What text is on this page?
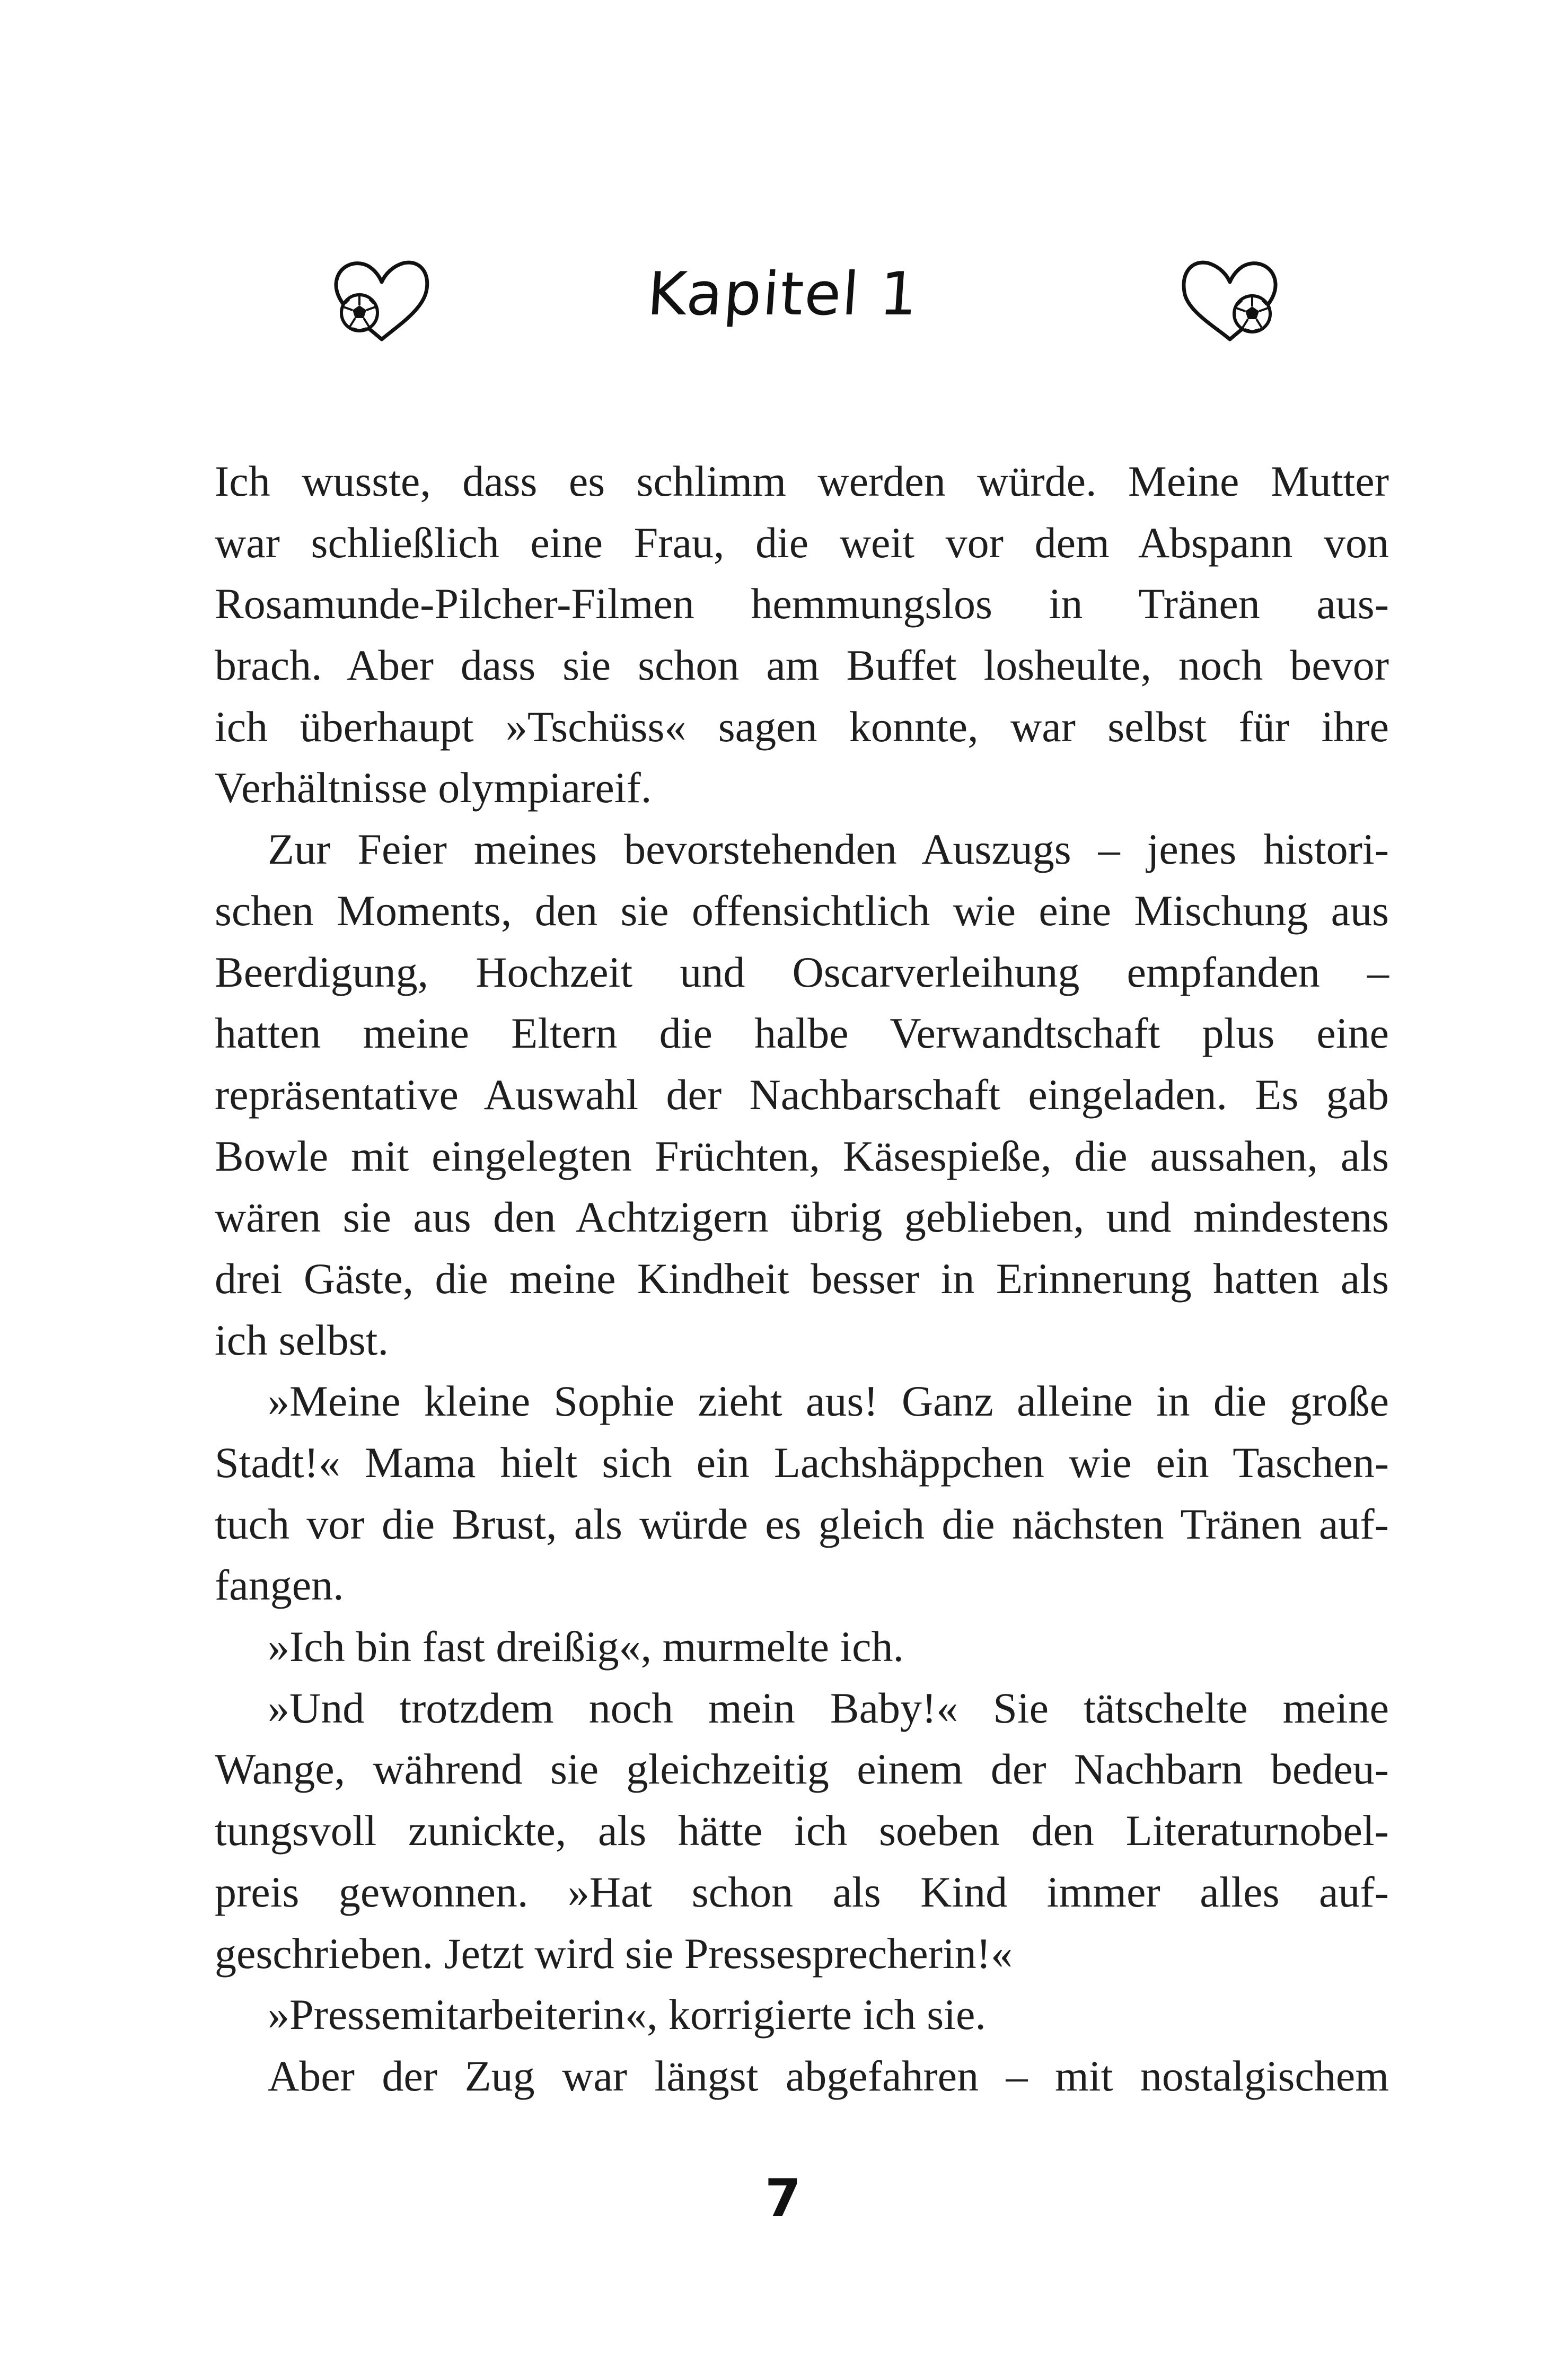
Kapitel 1
Ich wusste, dass es schlimm werden würde. Meine Mutter
war schließlich eine Frau, die weit vor dem Abspann von
Rosamunde-Pilcher-Filmen hemmungslos in Tränen aus-
brach. Aber dass sie schon am Buffet losheulte, noch bevor
ich überhaupt »Tschüss« sagen konnte, war selbst für ihre
Verhältnisse olympiareif.
Zur Feier meines bevorstehenden Auszugs – jenes histori-
schen Moments, den sie offensichtlich wie eine Mischung aus
Beerdigung, Hochzeit und Oscarverleihung empfanden –
hatten meine Eltern die halbe Verwandtschaft plus eine
repräsentative Auswahl der Nachbarschaft eingeladen. Es gab
Bowle mit eingelegten Früchten, Käsespieße, die aussahen, als
wären sie aus den Achtzigern übrig geblieben, und mindestens
drei Gäste, die meine Kindheit besser in Erinnerung hatten als
ich selbst.
»Meine kleine Sophie zieht aus! Ganz alleine in die große
Stadt!« Mama hielt sich ein Lachshäppchen wie ein Taschen-
tuch vor die Brust, als würde es gleich die nächsten Tränen auf-
fangen.
»Ich bin fast dreißig«, murmelte ich.
»Und trotzdem noch mein Baby!« Sie tätschelte meine
Wange, während sie gleichzeitig einem der Nachbarn bedeu-
tungsvoll zunickte, als hätte ich soeben den Literaturnobel-
preis gewonnen. »Hat schon als Kind immer alles auf-
geschrieben. Jetzt wird sie Pressesprecherin!«
»Pressemitarbeiterin«, korrigierte ich sie.
Aber der Zug war längst abgefahren – mit nostalgischem
7
